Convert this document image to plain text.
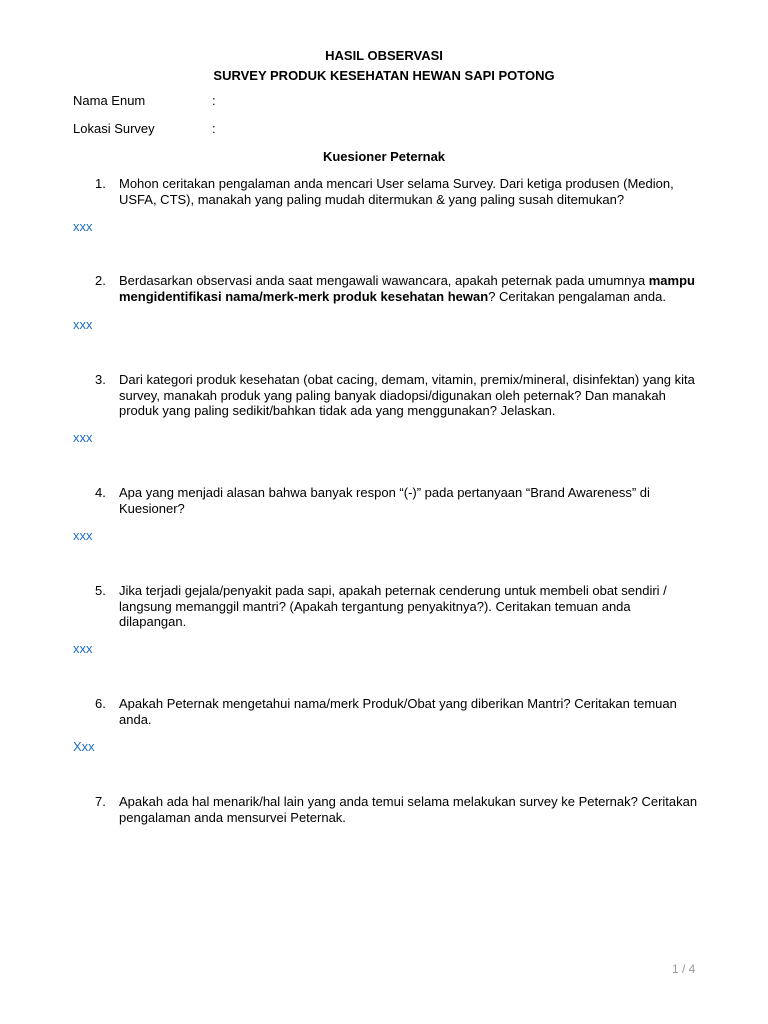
HASIL OBSERVASI
SURVEY PRODUK KESEHATAN HEWAN SAPI POTONG
Nama Enum	:
Lokasi Survey	:
Kuesioner Peternak
1. Mohon ceritakan pengalaman anda mencari User selama Survey. Dari ketiga produsen (Medion, USFA, CTS), manakah yang paling mudah ditermukan & yang paling susah ditemukan?
xxx
2. Berdasarkan observasi anda saat mengawali wawancara, apakah peternak pada umumnya mampu mengidentifikasi nama/merk-merk produk kesehatan hewan? Ceritakan pengalaman anda.
xxx
3. Dari kategori produk kesehatan (obat cacing, demam, vitamin, premix/mineral, disinfektan) yang kita survey, manakah produk yang paling banyak diadopsi/digunakan oleh peternak? Dan manakah produk yang paling sedikit/bahkan tidak ada yang menggunakan? Jelaskan.
xxx
4. Apa yang menjadi alasan bahwa banyak respon “(-)” pada pertanyaan “Brand Awareness” di Kuesioner?
xxx
5. Jika terjadi gejala/penyakit pada sapi, apakah peternak cenderung untuk membeli obat sendiri / langsung memanggil mantri? (Apakah tergantung penyakitnya?). Ceritakan temuan anda dilapangan.
xxx
6. Apakah Peternak mengetahui nama/merk Produk/Obat yang diberikan Mantri? Ceritakan temuan anda.
Xxx
7. Apakah ada hal menarik/hal lain yang anda temui selama melakukan survey ke Peternak? Ceritakan pengalaman anda mensurvei Peternak.
1 / 4
